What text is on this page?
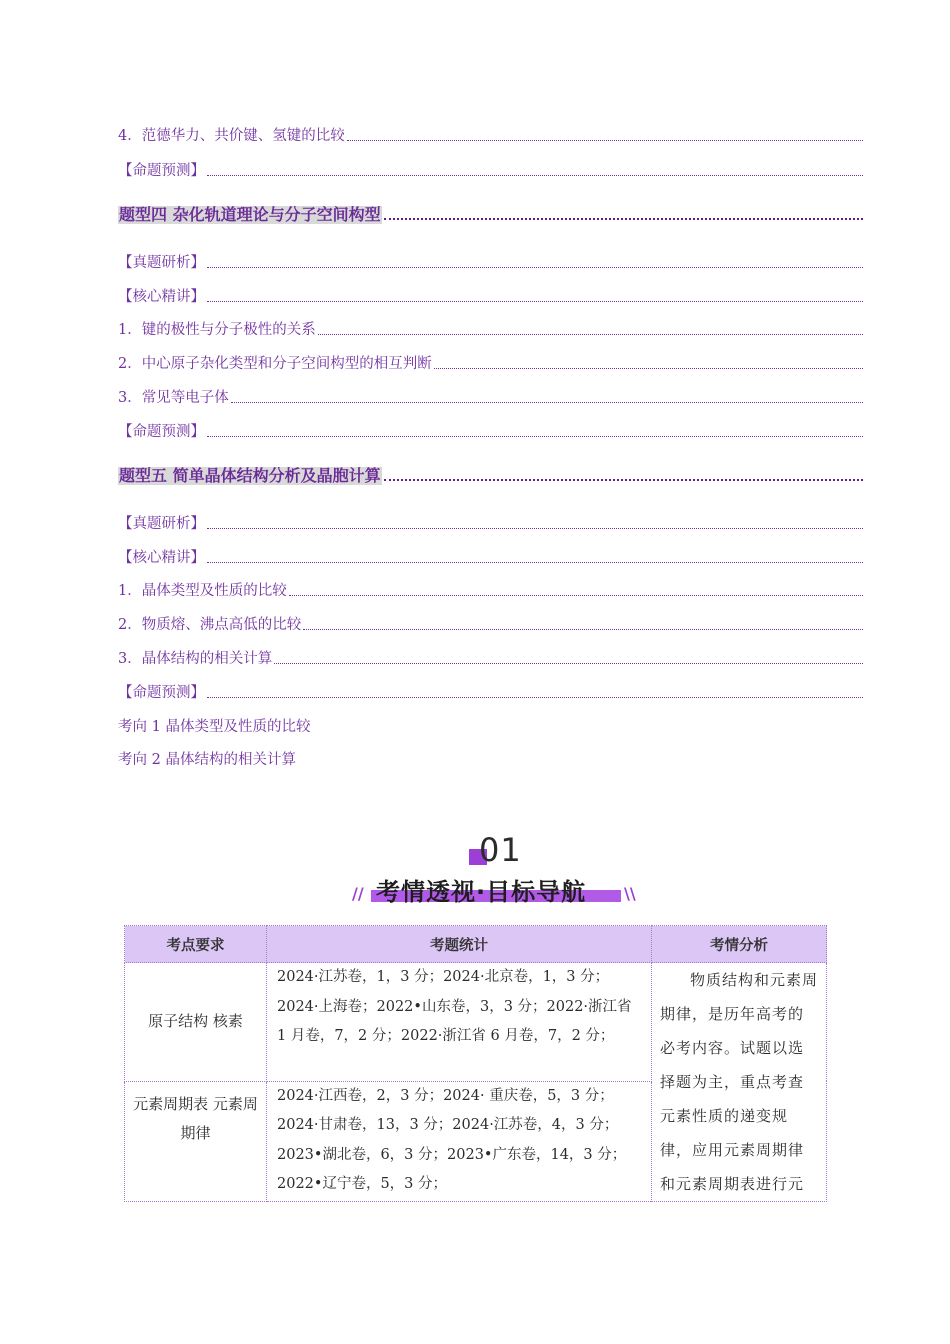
4．范德华力、共价键、氢键的比较
【命题预测】
题型四 杂化轨道理论与分子空间构型
【真题研析】
【核心精讲】
1．键的极性与分子极性的关系
2．中心原子杂化类型和分子空间构型的相互判断
3．常见等电子体
【命题预测】
题型五 简单晶体结构分析及晶胞计算
【真题研析】
【核心精讲】
1．晶体类型及性质的比较
2．物质熔、沸点高低的比较
3．晶体结构的相关计算
【命题预测】
考向 1 晶体类型及性质的比较
考向 2 晶体结构的相关计算
01
// 考情透视·目标导航 \\
考点要求	考题统计	考情分析
原子结构 核素	2024·江苏卷，1，3 分；2024·北京卷，1，3 分；2024·上海卷；2022•山东卷，3，3 分；2022·浙江省 1 月卷，7，2 分；2022·浙江省 6 月卷，7，2 分；	物质结构和元素周期律，是历年高考的必考内容。试题以选择题为主，重点考查元素性质的递变规律，应用元素周期律和元素周期表进行元
元素周期表 元素周期律	2024·江西卷，2，3 分；2024· 重庆卷，5，3 分；2024·甘肃卷，13，3 分；2024·江苏卷，4，3 分；2023•湖北卷，6，3 分；2023•广东卷，14，3 分；2022•辽宁卷，5，3 分；	
